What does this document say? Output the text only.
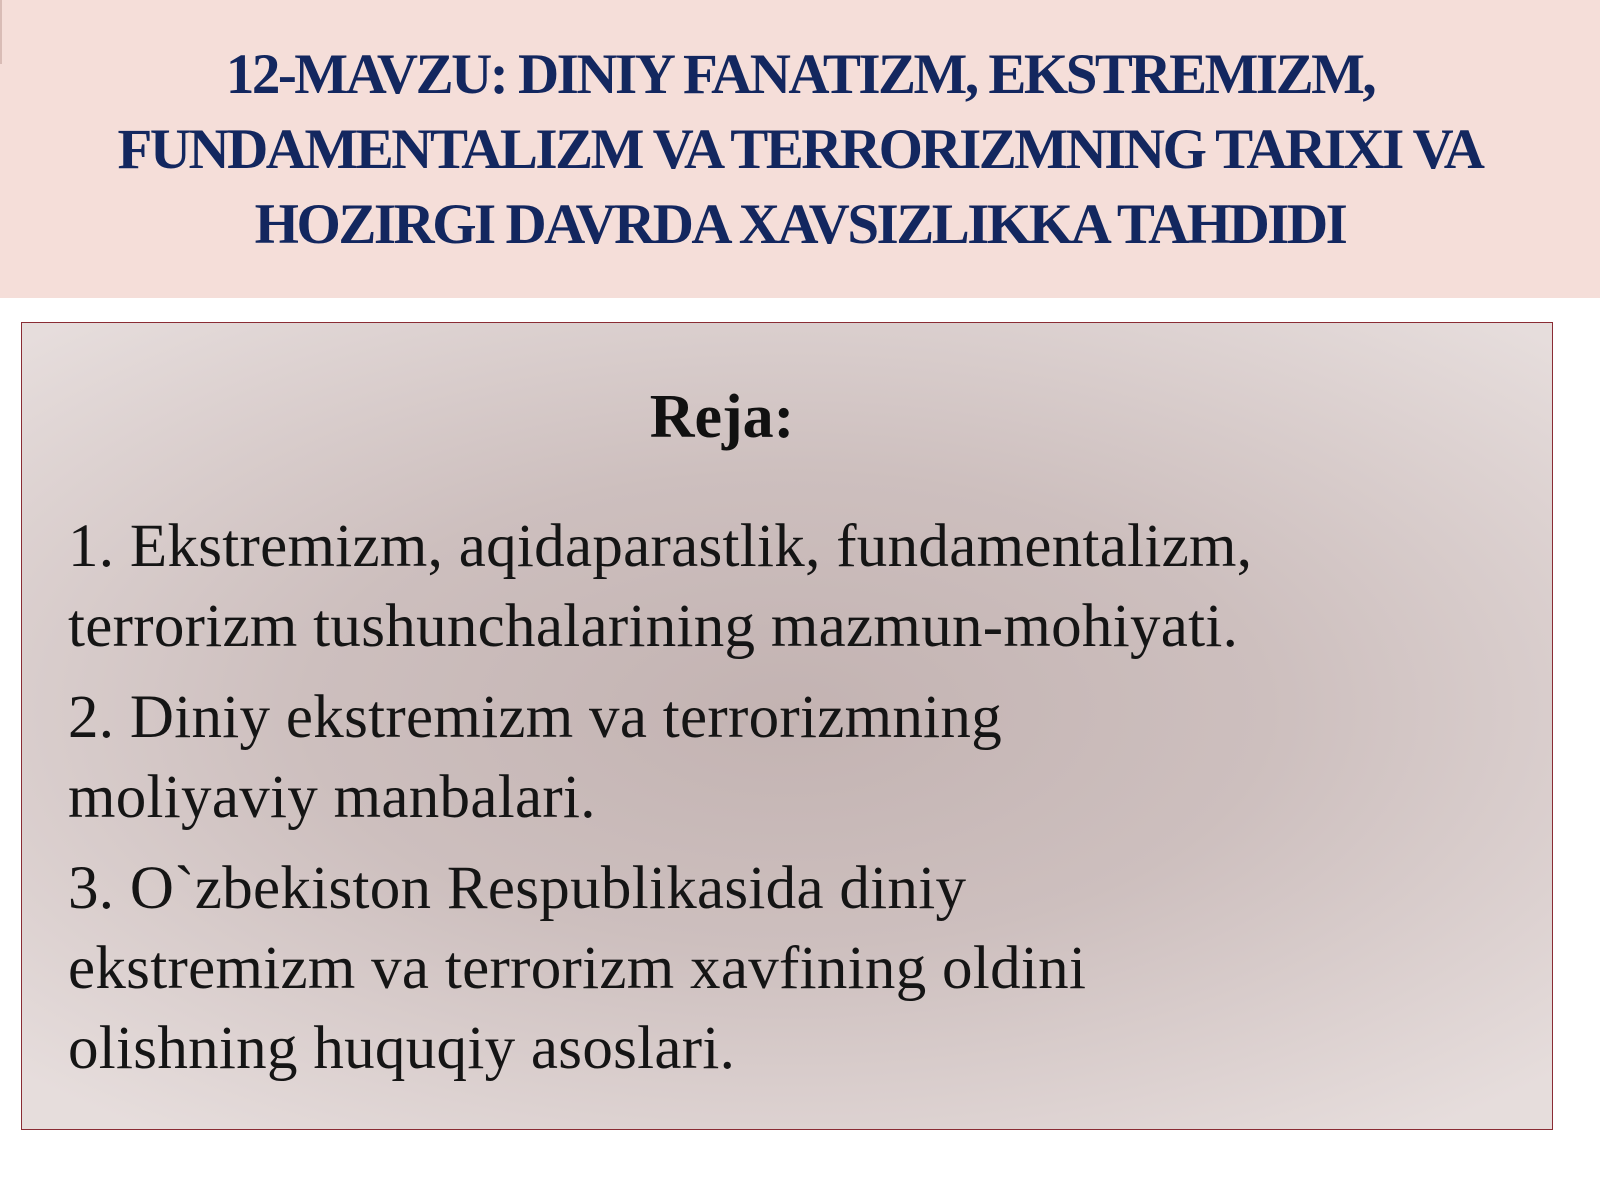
12-MAVZU: DINIY FANATIZM, EKSTREMIZM,
FUNDAMENTALIZM VA TERRORIZMNING TARIXI VA
HOZIRGI DAVRDA XAVSIZLIKKA TAHDIDI
Reja:
1. Ekstremizm, aqidaparastlik, fundamentalizm,
terrorizm tushunchalarining mazmun-mohiyati.
2. Diniy ekstremizm va terrorizmning
moliyaviy manbalari.
3. O`zbekiston Respublikasida diniy
ekstremizm va terrorizm xavfining oldini
olishning huquqiy asoslari.
